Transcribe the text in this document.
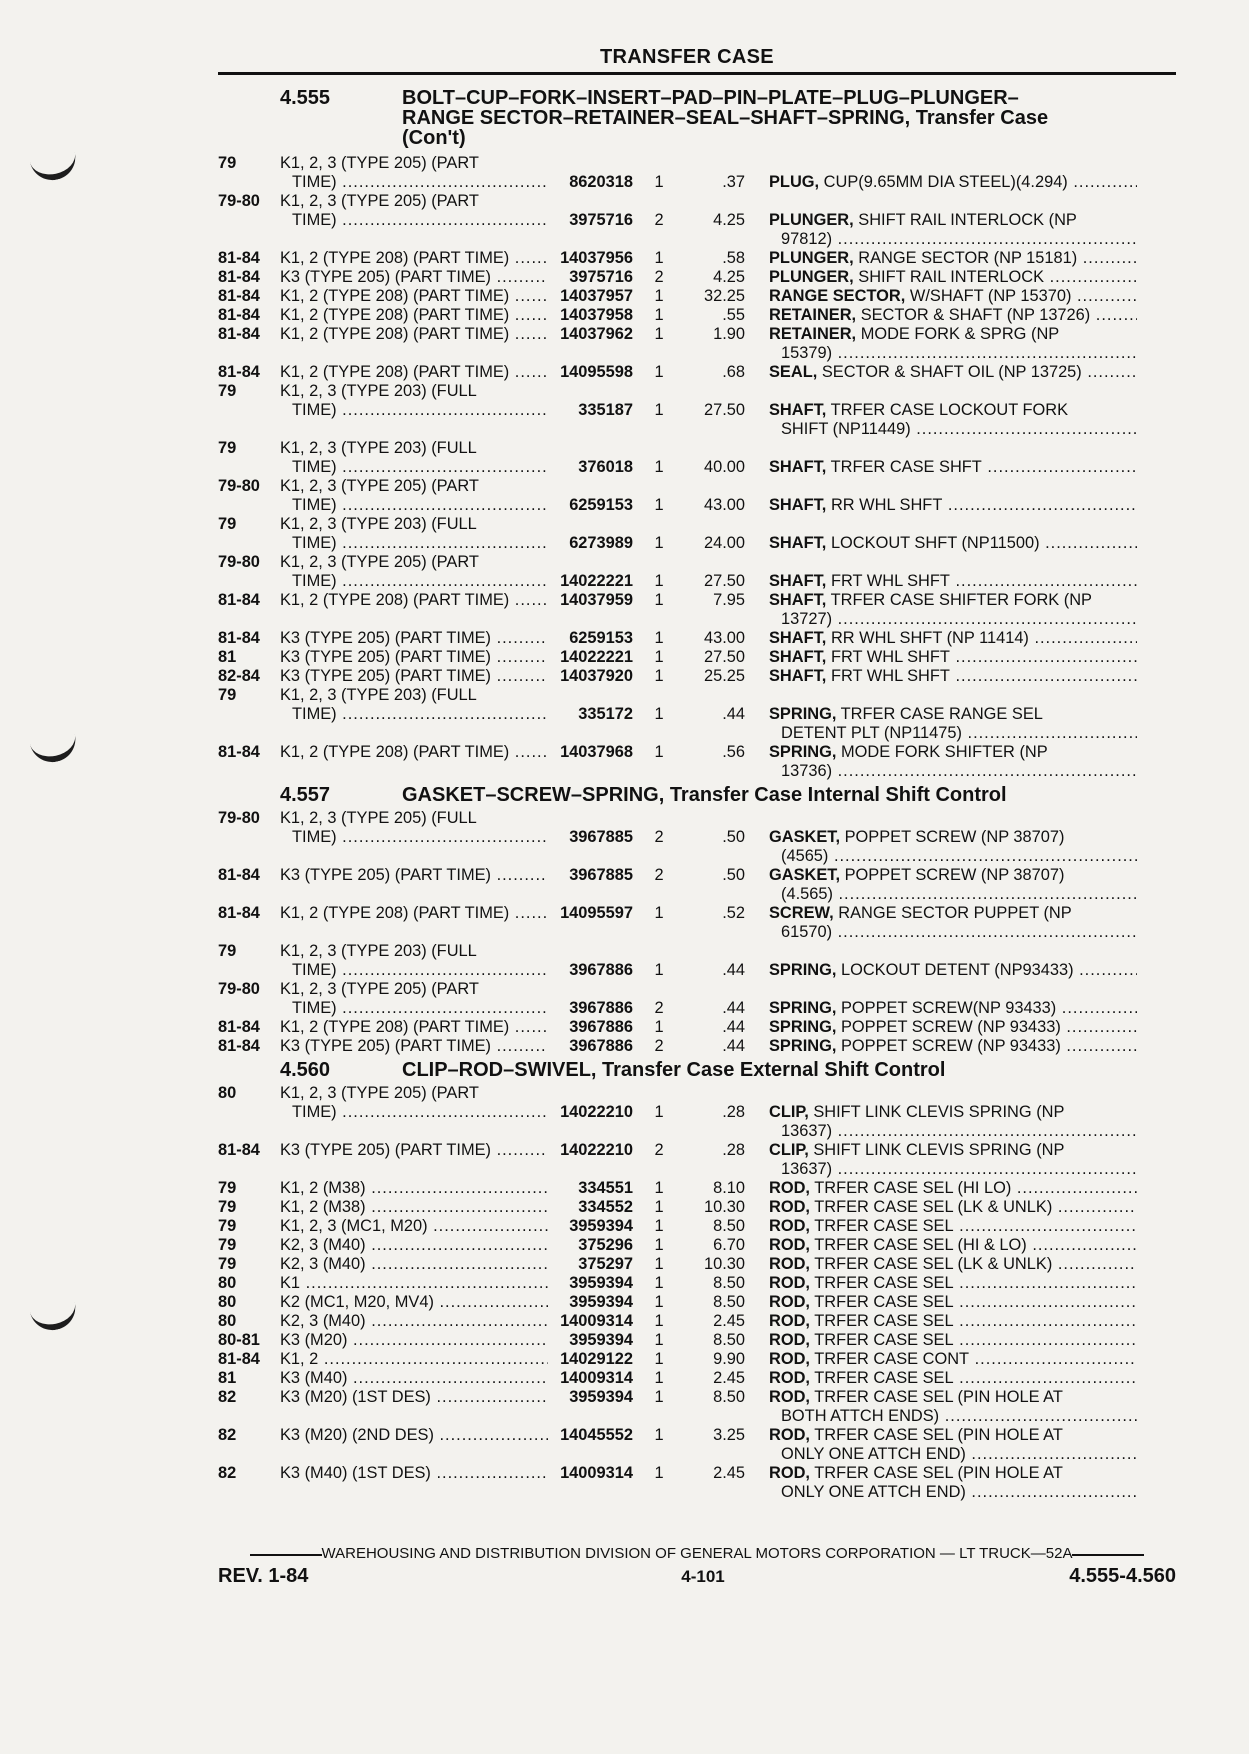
TRANSFER CASE
4.555	BOLT–CUP–FORK–INSERT–PAD–PIN–PLATE–PLUG–PLUNGER–
RANGE SECTOR–RETAINER–SEAL–SHAFT–SPRING, Transfer Case
(Con't)
79	K1, 2, 3 (TYPE 205) (PART
TIME) .....	8620318	1	.37 PLUG, CUP(9.65MM DIA STEEL)(4.294) .....
79-80	K1, 2, 3 (TYPE 205) (PART
TIME) .....	3975716	2	4.25 PLUNGER, SHIFT RAIL INTERLOCK (NP
97812) .....
81-84	K1, 2 (TYPE 208) (PART TIME) .....	14037956	1	.58 PLUNGER, RANGE SECTOR (NP 15181) .....
81-84	K3 (TYPE 205) (PART TIME) .....	3975716	2	4.25 PLUNGER, SHIFT RAIL INTERLOCK .....
81-84	K1, 2 (TYPE 208) (PART TIME) .....	14037957	1	32.25 RANGE SECTOR, W/SHAFT (NP 15370) .....
81-84	K1, 2 (TYPE 208) (PART TIME) .....	14037958	1	.55 RETAINER, SECTOR & SHAFT (NP 13726) .....
81-84	K1, 2 (TYPE 208) (PART TIME) .....	14037962	1	1.90 RETAINER, MODE FORK & SPRG (NP
15379) .....
81-84	K1, 2 (TYPE 208) (PART TIME) .....	14095598	1	.68 SEAL, SECTOR & SHAFT OIL (NP 13725) .....
79	K1, 2, 3 (TYPE 203) (FULL
TIME) .....	335187	1	27.50 SHAFT, TRFER CASE LOCKOUT FORK
SHIFT (NP11449) .....
79	K1, 2, 3 (TYPE 203) (FULL
TIME) .....	376018	1	40.00 SHAFT, TRFER CASE SHFT .....
79-80	K1, 2, 3 (TYPE 205) (PART
TIME) .....	6259153	1	43.00 SHAFT, RR WHL SHFT .....
79	K1, 2, 3 (TYPE 203) (FULL
TIME) .....	6273989	1	24.00 SHAFT, LOCKOUT SHFT (NP11500) .....
79-80	K1, 2, 3 (TYPE 205) (PART
TIME) .....	14022221	1	27.50 SHAFT, FRT WHL SHFT .....
81-84	K1, 2 (TYPE 208) (PART TIME) .....	14037959	1	7.95 SHAFT, TRFER CASE SHIFTER FORK (NP
13727) .....
81-84	K3 (TYPE 205) (PART TIME) .....	6259153	1	43.00 SHAFT, RR WHL SHFT (NP 11414) .....
81	K3 (TYPE 205) (PART TIME) .....	14022221	1	27.50 SHAFT, FRT WHL SHFT .....
82-84	K3 (TYPE 205) (PART TIME) .....	14037920	1	25.25 SHAFT, FRT WHL SHFT .....
79	K1, 2, 3 (TYPE 203) (FULL
TIME) .....	335172	1	.44 SPRING, TRFER CASE RANGE SEL
DETENT PLT (NP11475) .....
81-84	K1, 2 (TYPE 208) (PART TIME) .....	14037968	1	.56 SPRING, MODE FORK SHIFTER (NP
13736) .....
4.557	GASKET–SCREW–SPRING, Transfer Case Internal Shift Control
79-80	K1, 2, 3 (TYPE 205) (FULL
TIME) .....	3967885	2	.50 GASKET, POPPET SCREW (NP 38707)
(4565) .....
81-84	K3 (TYPE 205) (PART TIME) .....	3967885	2	.50 GASKET, POPPET SCREW (NP 38707)
(4.565) .....
81-84	K1, 2 (TYPE 208) (PART TIME) .....	14095597	1	.52 SCREW, RANGE SECTOR PUPPET (NP
61570) .....
79	K1, 2, 3 (TYPE 203) (FULL
TIME) .....	3967886	1	.44 SPRING, LOCKOUT DETENT (NP93433) .....
79-80	K1, 2, 3 (TYPE 205) (PART
TIME) .....	3967886	2	.44 SPRING, POPPET SCREW(NP 93433) .....
81-84	K1, 2 (TYPE 208) (PART TIME) .....	3967886	1	.44 SPRING, POPPET SCREW (NP 93433) .....
81-84	K3 (TYPE 205) (PART TIME) .....	3967886	2	.44 SPRING, POPPET SCREW (NP 93433) .....
4.560	CLIP–ROD–SWIVEL, Transfer Case External Shift Control
80	K1, 2, 3 (TYPE 205) (PART
TIME) .....	14022210	1	.28 CLIP, SHIFT LINK CLEVIS SPRING (NP
13637) .....
81-84	K3 (TYPE 205) (PART TIME) .....	14022210	2	.28 CLIP, SHIFT LINK CLEVIS SPRING (NP
13637) .....
79	K1, 2 (M38) .....	334551	1	8.10 ROD, TRFER CASE SEL (HI LO) .....
79	K1, 2 (M38) .....	334552	1	10.30 ROD, TRFER CASE SEL (LK & UNLK) .....
79	K1, 2, 3 (MC1, M20) .....	3959394	1	8.50 ROD, TRFER CASE SEL .....
79	K2, 3 (M40) .....	375296	1	6.70 ROD, TRFER CASE SEL (HI & LO) .....
79	K2, 3 (M40) .....	375297	1	10.30 ROD, TRFER CASE SEL (LK & UNLK) .....
80	K1 .....	3959394	1	8.50 ROD, TRFER CASE SEL .....
80	K2 (MC1, M20, MV4) .....	3959394	1	8.50 ROD, TRFER CASE SEL .....
80	K2, 3 (M40) .....	14009314	1	2.45 ROD, TRFER CASE SEL .....
80-81	K3 (M20) .....	3959394	1	8.50 ROD, TRFER CASE SEL .....
81-84	K1, 2 .....	14029122	1	9.90 ROD, TRFER CASE CONT .....
81	K3 (M40) .....	14009314	1	2.45 ROD, TRFER CASE SEL .....
82	K3 (M20) (1ST DES) .....	3959394	1	8.50 ROD, TRFER CASE SEL (PIN HOLE AT
BOTH ATTCH ENDS) .....
82	K3 (M20) (2ND DES) .....	14045552	1	3.25 ROD, TRFER CASE SEL (PIN HOLE AT
ONLY ONE ATTCH END) .....
82	K3 (M40) (1ST DES) .....	14009314	1	2.45 ROD, TRFER CASE SEL (PIN HOLE AT
ONLY ONE ATTCH END) .....
WAREHOUSING AND DISTRIBUTION DIVISION OF GENERAL MOTORS CORPORATION — LT TRUCK—52A
REV. 1-84	4-101	4.555-4.560
